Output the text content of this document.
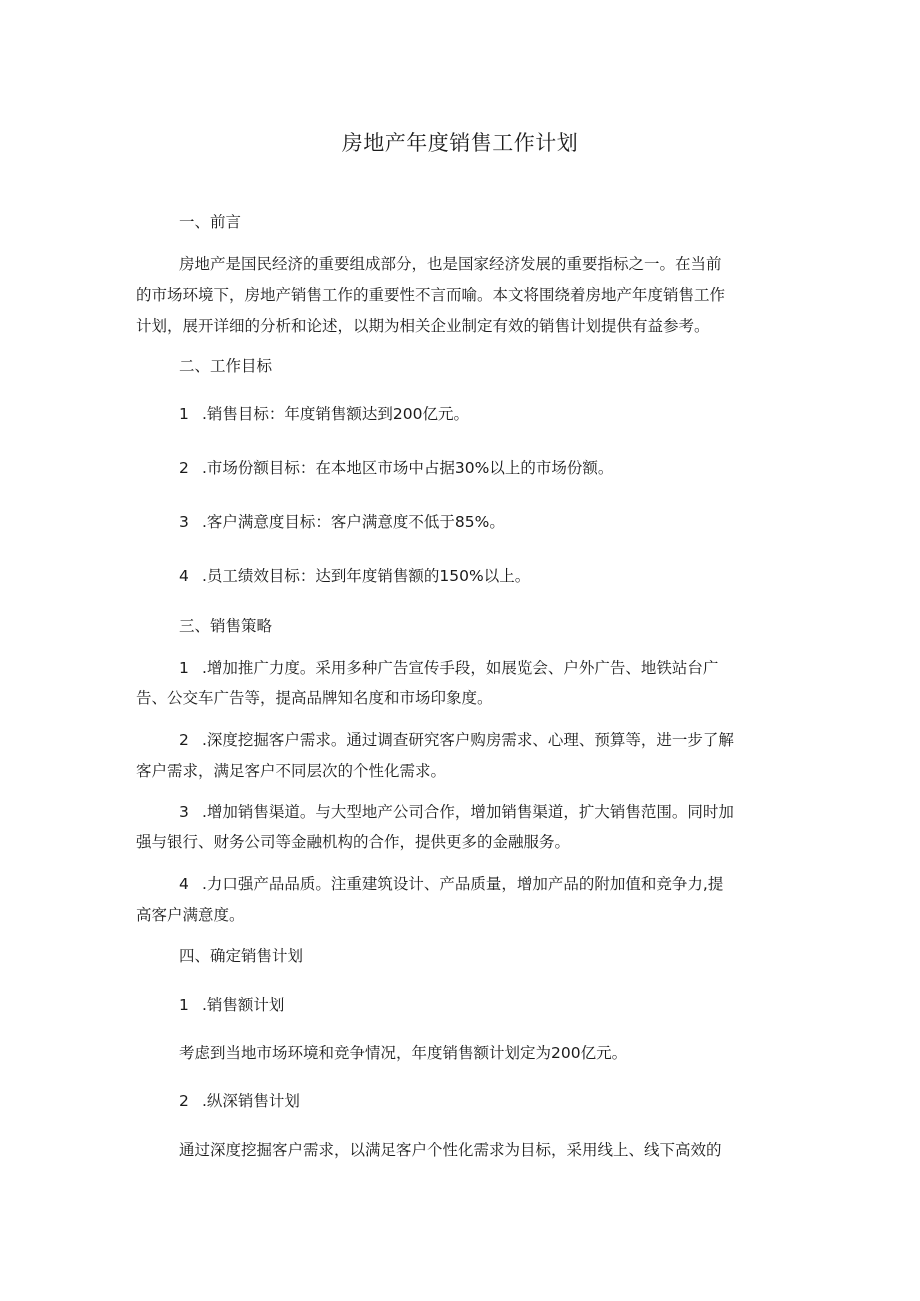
房地产年度销售工作计划
一、前言
房地产是国民经济的重要组成部分，也是国家经济发展的重要指标之一。在当前
的市场环境下，房地产销售工作的重要性不言而喻。本文将围绕着房地产年度销售工作
计划，展开详细的分析和论述，以期为相关企业制定有效的销售计划提供有益参考。
二、工作目标
1 .销售目标：年度销售额达到200亿元。
2 .市场份额目标：在本地区市场中占据30%以上的市场份额。
3 .客户满意度目标：客户满意度不低于85%。
4 .员工绩效目标：达到年度销售额的150%以上。
三、销售策略
1 .增加推广力度。采用多种广告宣传手段，如展览会、户外广告、地铁站台广
告、公交车广告等，提高品牌知名度和市场印象度。
2 .深度挖掘客户需求。通过调查研究客户购房需求、心理、预算等，进一步了解
客户需求，满足客户不同层次的个性化需求。
3 .增加销售渠道。与大型地产公司合作，增加销售渠道，扩大销售范围。同时加
强与银行、财务公司等金融机构的合作，提供更多的金融服务。
4 .力口强产品品质。注重建筑设计、产品质量，增加产品的附加值和竞争力,提
高客户满意度。
四、确定销售计划
1 .销售额计划
考虑到当地市场环境和竞争情况，年度销售额计划定为200亿元。
2 .纵深销售计划
通过深度挖掘客户需求，以满足客户个性化需求为目标，采用线上、线下高效的
